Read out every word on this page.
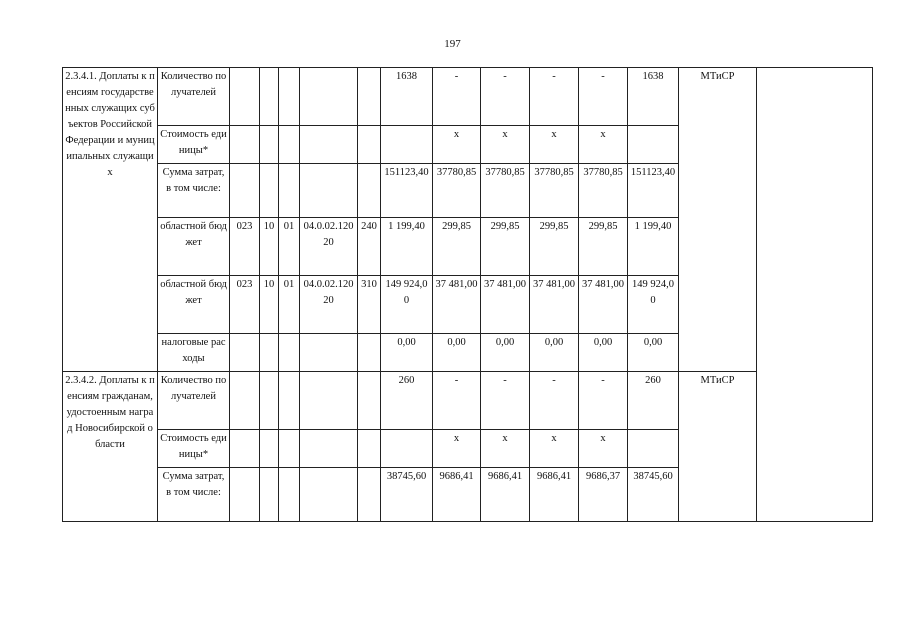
197
2.3.4.1. Доплаты к пенсиям государственных служащих субъектов Российской Федерации и муниципальных служащих	Количество получателей						1638	-	-	-	-	1638	МТиСР	
	Стоимость единицы*							х	х	х	х			
	Сумма затрат, в том числе:						151123,40	37780,85	37780,85	37780,85	37780,85	151123,40		
	областной бюджет	023	10	01	04.0.02.12020	240	1 199,40	299,85	299,85	299,85	299,85	1 199,40		
	областной бюджет	023	10	01	04.0.02.12020	310	149 924,00	37 481,00	37 481,00	37 481,00	37 481,00	149 924,00		
	налоговые расходы						0,00	0,00	0,00	0,00	0,00	0,00		
2.3.4.2. Доплаты к пенсиям гражданам, удостоенным наград Новосибирской области	Количество получателей						260	-	-	-	-	260	МТиСР	
	Стоимость единицы*							х	х	х	х			
	Сумма затрат, в том числе:						38745,60	9686,41	9686,41	9686,41	9686,37	38745,60		
